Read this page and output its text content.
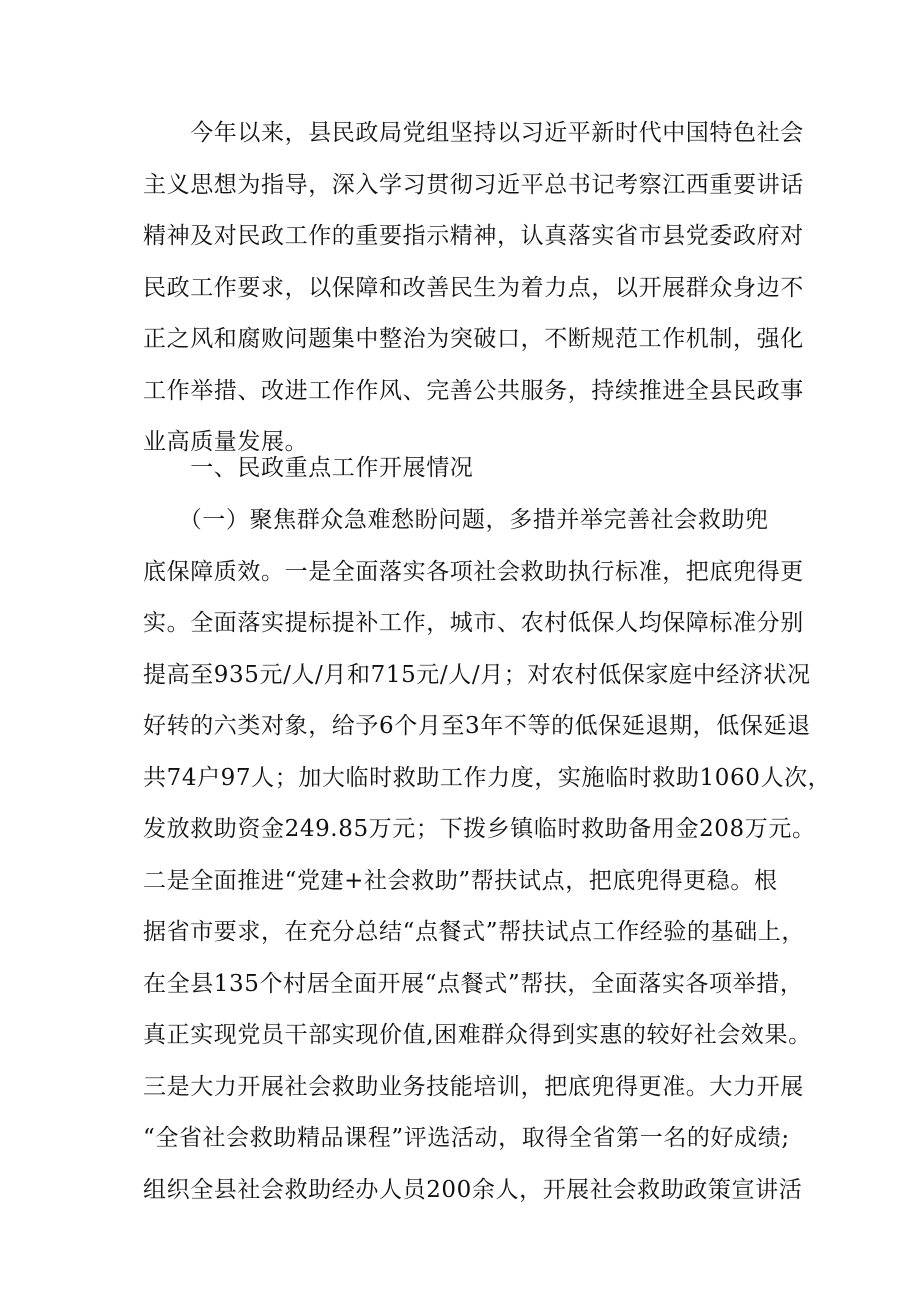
　　今年以来，县民政局党组坚持以习近平新时代中国特色社会
主义思想为指导，深入学习贯彻习近平总书记考察江西重要讲话
精神及对民政工作的重要指示精神，认真落实省市县党委政府对
民政工作要求，以保障和改善民生为着力点，以开展群众身边不
正之风和腐败问题集中整治为突破口，不断规范工作机制，强化
工作举措、改进工作作风、完善公共服务，持续推进全县民政事
业高质量发展。
　　一、民政重点工作开展情况
　　（一）聚焦群众急难愁盼问题，多措并举完善社会救助兜
底保障质效。一是全面落实各项社会救助执行标准，把底兜得更
实。全面落实提标提补工作，城市、农村低保人均保障标准分别
提高至935元/人/月和715元/人/月；对农村低保家庭中经济状况
好转的六类对象，给予6个月至3年不等的低保延退期，低保延退
共74户97人；加大临时救助工作力度，实施临时救助1060人次，
发放救助资金249.85万元；下拨乡镇临时救助备用金208万元。
二是全面推进“党建+社会救助”帮扶试点，把底兜得更稳。根
据省市要求，在充分总结“点餐式”帮扶试点工作经验的基础上，
在全县135个村居全面开展“点餐式”帮扶，全面落实各项举措，
真正实现党员干部实现价值,困难群众得到实惠的较好社会效果。
三是大力开展社会救助业务技能培训，把底兜得更准。大力开展
“全省社会救助精品课程”评选活动，取得全省第一名的好成绩;
组织全县社会救助经办人员200余人，开展社会救助政策宣讲活
